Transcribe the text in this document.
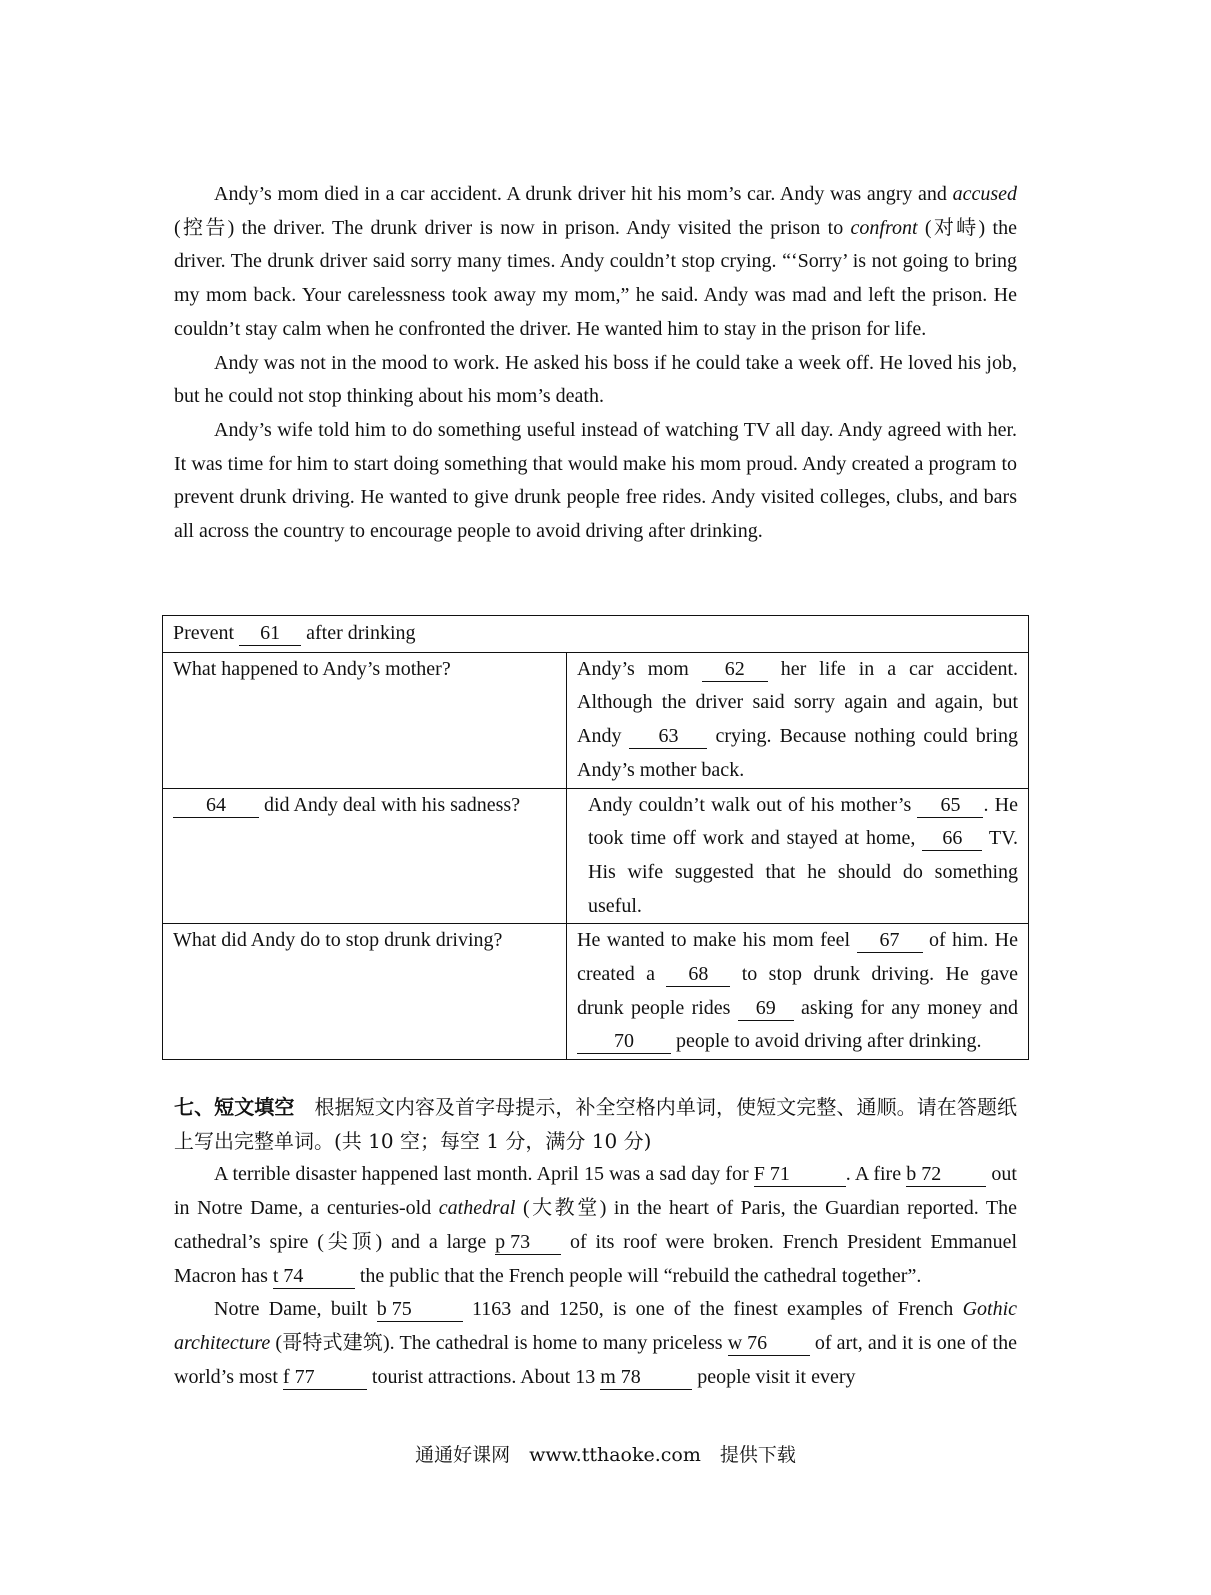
Andy’s mom died in a car accident. A drunk driver hit his mom’s car. Andy was angry and accused (控告) the driver. The drunk driver is now in prison. Andy visited the prison to confront (对峙) the driver. The drunk driver said sorry many times. Andy couldn’t stop crying. “‘Sorry’ is not going to bring my mom back. Your carelessness took away my mom,” he said. Andy was mad and left the prison. He couldn’t stay calm when he confronted the driver. He wanted him to stay in the prison for life.

Andy was not in the mood to work. He asked his boss if he could take a week off. He loved his job, but he could not stop thinking about his mom’s death.

Andy’s wife told him to do something useful instead of watching TV all day. Andy agreed with her. It was time for him to start doing something that would make his mom proud. Andy created a program to prevent drunk driving. He wanted to give drunk people free rides. Andy visited colleges, clubs, and bars all across the country to encourage people to avoid driving after drinking.

Prevent 61 after drinking	
What happened to Andy’s mother?	Andy’s mom 62 her life in a car accident. Although the driver said sorry again and again, but Andy 63 crying. Because nothing could bring Andy’s mother back.
64 did Andy deal with his sadness?	Andy couldn’t walk out of his mother’s 65 . He took time off work and stayed at home, 66 TV. His wife suggested that he should do something useful.
What did Andy do to stop drunk driving?	He wanted to make his mom feel 67 of him. He created a 68 to stop drunk driving. He gave drunk people rides 69 asking for any money and 70 people to avoid driving after drinking.

七、短文填空　根据短文内容及首字母提示，补全空格内单词，使短文完整、通顺。请在答题纸上写出完整单词。(共 10 空；每空 1 分，满分 10 分)

A terrible disaster happened last month. April 15 was a sad day for F 71	. A fire b 72 out in Notre Dame, a centuries-old cathedral (大教堂) in the heart of Paris, the Guardian reported. The cathedral’s spire (尖顶) and a large p 73 of its roof were broken. French President Emmanuel Macron has t 74	the public that the French people will “rebuild the cathedral together”.

Notre Dame, built b 75	1163 and 1250, is one of the finest examples of French Gothic architecture (哥特式建筑). The cathedral is home to many priceless w 76 of art, and it is one of the world’s most f 77	tourist attractions. About 13 m 78	people visit it every

通通好课网　www.tthaoke.com　提供下载
